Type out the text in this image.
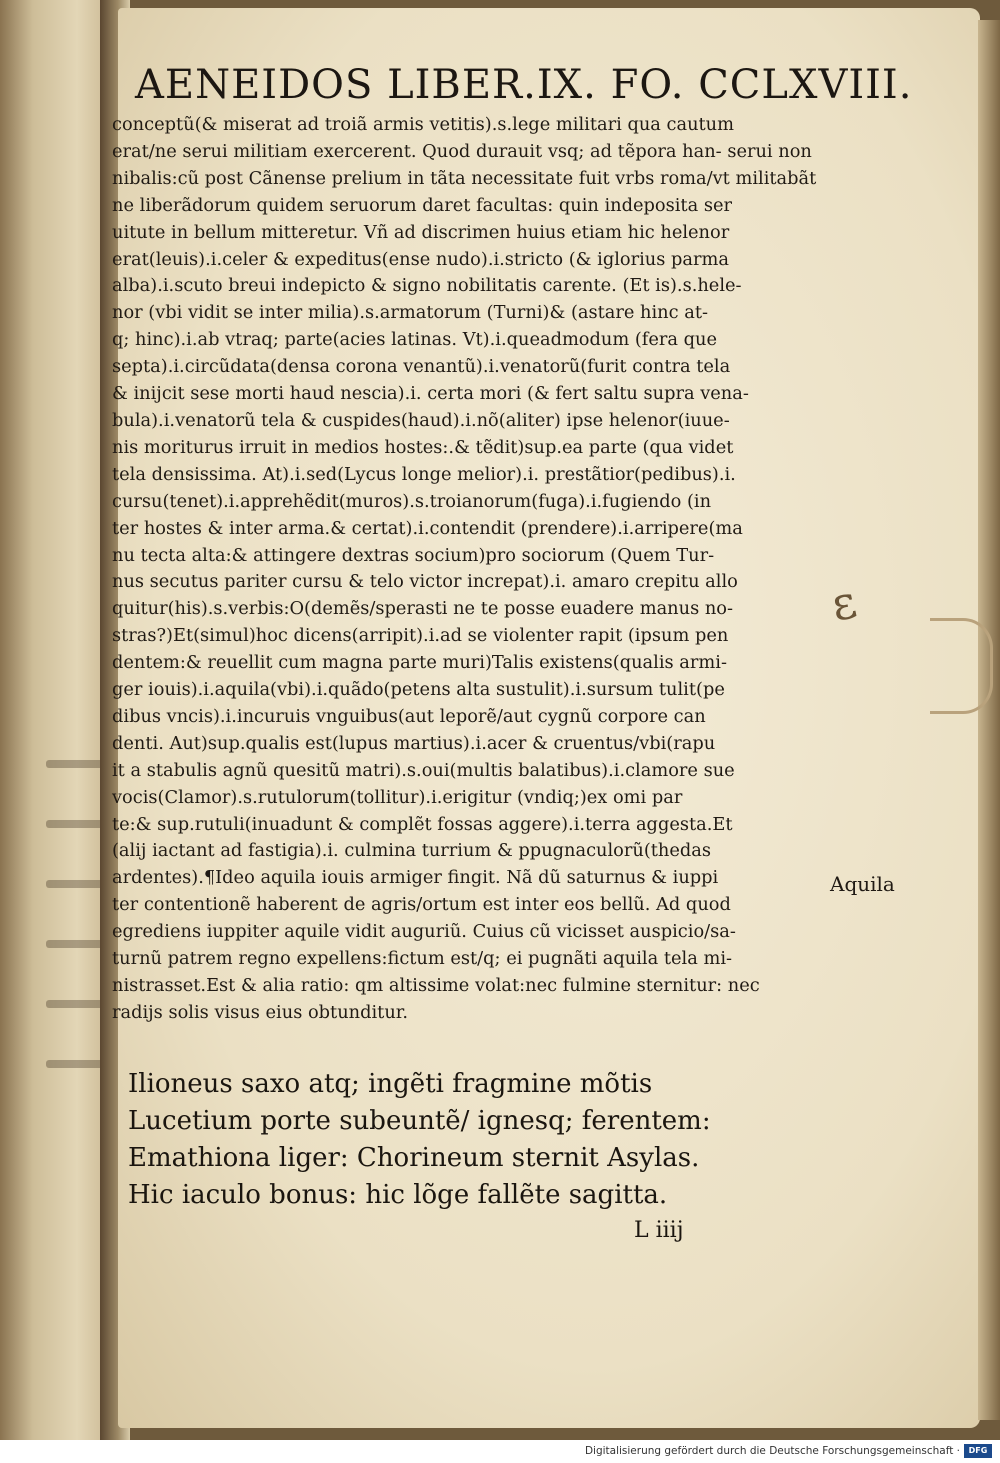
ε
AENEIDOS LIBER.IX. FO. CCLXVIII.
conceptũ(& miserat ad troiã armis vetitis).s.lege militari qua cautum
erat/ne serui militiam exercerent. Quod durauit vsq; ad tẽpora han- serui non
nibalis:cũ post Cãnense prelium in tãta necessitate fuit vrbs roma/vt militabãt
ne liberãdorum quidem seruorum daret facultas: quin indeposita ser
uitute in bellum mitteretur. Vñ ad discrimen huius etiam hic helenor
erat(leuis).i.celer & expeditus(ense nudo).i.stricto (& iglorius parma
alba).i.scuto breui indepicto & signo nobilitatis carente. (Et is).s.hele-
nor (vbi vidit se inter milia).s.armatorum (Turni)& (astare hinc at-
q; hinc).i.ab vtraq; parte(acies latinas. Vt).i.queadmodum (fera que
septa).i.circũdata(densa corona venantũ).i.venatorũ(furit contra tela
& inijcit sese morti haud nescia).i. certa mori (& fert saltu supra vena-
bula).i.venatorũ tela & cuspides(haud).i.nõ(aliter) ipse helenor(iuue-
nis moriturus irruit in medios hostes:.& tẽdit)sup.ea parte (qua videt
tela densissima. At).i.sed(Lycus longe melior).i. prestãtior(pedibus).i.
cursu(tenet).i.apprehẽdit(muros).s.troianorum(fuga).i.fugiendo (in
ter hostes & inter arma.& certat).i.contendit (prendere).i.arripere(ma
nu tecta alta:& attingere dextras socium)pro sociorum (Quem Tur-
nus secutus pariter cursu & telo victor increpat).i. amaro crepitu allo
quitur(his).s.verbis:O(demẽs/sperasti ne te posse euadere manus no-
stras?)Et(simul)hoc dicens(arripit).i.ad se violenter rapit (ipsum pen
dentem:& reuellit cum magna parte muri)Talis existens(qualis armi-
ger iouis).i.aquila(vbi).i.quãdo(petens alta sustulit).i.sursum tulit(pe
dibus vncis).i.incuruis vnguibus(aut leporẽ/aut cygnũ corpore can
denti. Aut)sup.qualis est(lupus martius).i.acer & cruentus/vbi(rapu
it a stabulis agnũ quesitũ matri).s.oui(multis balatibus).i.clamore sue
vocis(Clamor).s.rutulorum(tollitur).i.erigitur (vndiq;)ex omi par
te:& sup.rutuli(inuadunt & complẽt fossas aggere).i.terra aggesta.Et
(alij iactant ad fastigia).i. culmina turrium & ppugnaculorũ(thedas
ardentes).¶Ideo aquila iouis armiger fingit. Nã dũ saturnus & iuppi
ter contentionẽ haberent de agris/ortum est inter eos bellũ. Ad quod
egrediens iuppiter aquile vidit auguriũ. Cuius cũ vicisset auspicio/sa-
turnũ patrem regno expellens:fictum est/q; ei pugnãti aquila tela mi-
nistrasset.Est & alia ratio: qm altissime volat:nec fulmine sternitur: nec
radijs solis visus eius obtunditur.
Aquila
Ilioneus saxo atq; ingẽti fragmine mõtis
Lucetium porte subeuntẽ/ ignesq; ferentem:
Emathiona liger: Chorineum sternit Asylas.
Hic iaculo bonus: hic lõge fallẽte sagitta.
L iiij
Digitalisierung gefördert durch die Deutsche Forschungsgemeinschaft ·	DFG
